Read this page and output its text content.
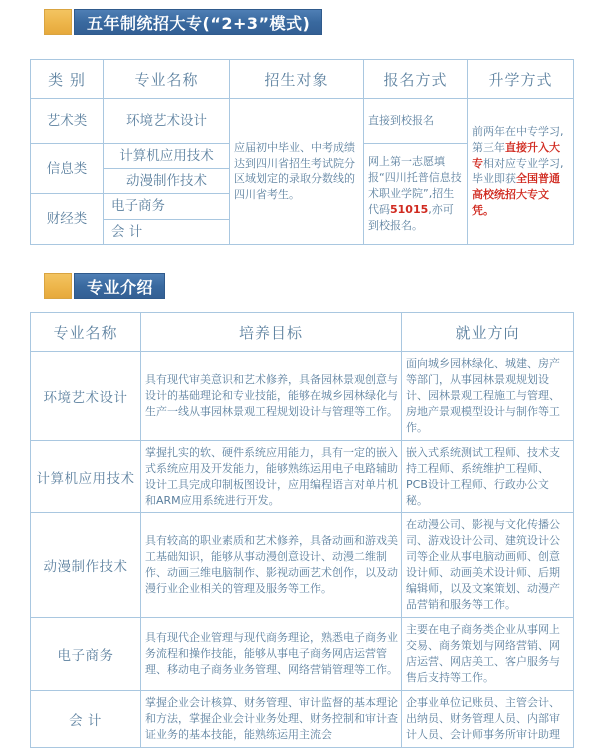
五年制统招大专(“2+3”模式)
类 别	专业名称	招生对象	报名方式	升学方式
艺术类	环境艺术设计	应届初中毕业、中考成绩达到四川省招生考试院分区域划定的录取分数线的四川省考生。	直接到校报名	前两年在中专学习,第三年直接升入大专相对应专业学习,毕业即获全国普通高校统招大专文凭。
信息类	计算机应用技术		网上第一志愿填报“四川托普信息技术职业学院”,招生代码51015,亦可到校报名。	
	动漫制作技术			
财经类	电子商务			
	会 计			
专业介绍
专业名称	培养目标	就业方向
环境艺术设计	具有现代审美意识和艺术修养，具备园林景观创意与设计的基础理论和专业技能，能够在城乡园林绿化与生产一线从事园林景观工程规划设计与管理等工作。	面向城乡园林绿化、城建、房产等部门，从事园林景观规划设计、园林景观工程施工与管理、房地产景观模型设计与制作等工作。
计算机应用技术	掌握扎实的软、硬件系统应用能力，具有一定的嵌入式系统应用及开发能力，能够熟练运用电子电路辅助设计工具完成印制板图设计，应用编程语言对单片机和ARM应用系统进行开发。	嵌入式系统测试工程师、技术支持工程师、系统维护工程师、PCB设计工程师、行政办公文秘。
动漫制作技术	具有较高的职业素质和艺术修养，具备动画和游戏美工基础知识，能够从事动漫创意设计、动漫二维制作、动画三维电脑制作、影视动画艺术创作，以及动漫行业企业相关的管理及服务等工作。	在动漫公司、影视与文化传播公司、游戏设计公司、建筑设计公司等企业从事电脑动画师、创意设计师、动画美术设计师、后期编辑师，以及文案策划、动漫产品营销和服务等工作。
电子商务	具有现代企业管理与现代商务理论，熟悉电子商务业务流程和操作技能，能够从事电子商务网店运营管理、移动电子商务业务管理、网络营销管理等工作。	主要在电子商务类企业从事网上交易、商务策划与网络营销、网店运营、网店美工、客户服务与售后支持等工作。
会 计	掌握企业会计核算、财务管理、审计监督的基本理论和方法，掌握企业会计业务处理、财务控制和审计查证业务的基本技能，能熟练运用主流会	企事业单位记账员、主管会计、出纳员、财务管理人员、内部审计人员、会计师事务所审计助理
